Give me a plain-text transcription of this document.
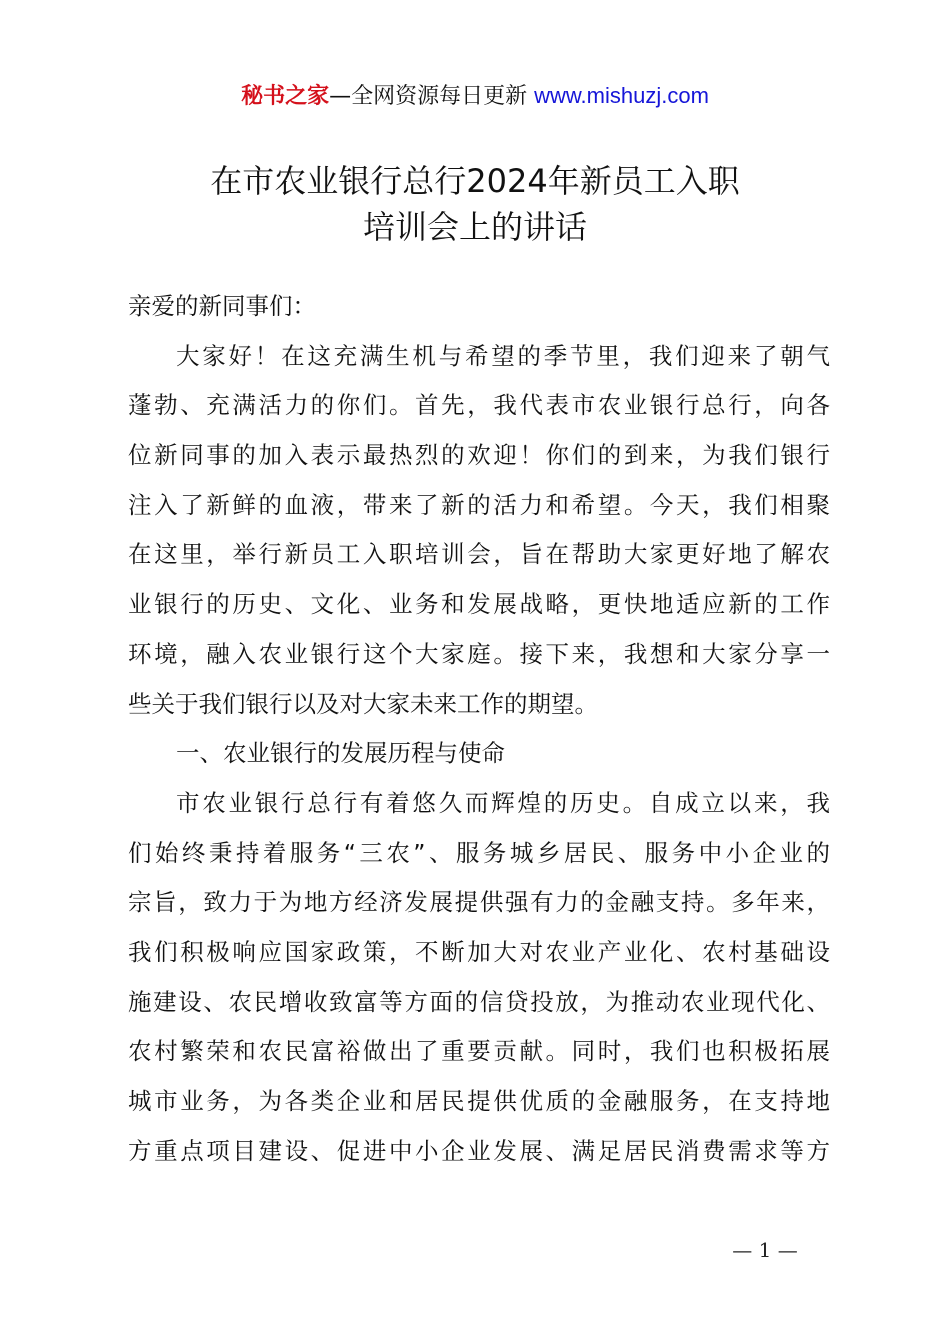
秘书之家—全网资源每日更新 www.mishuzj.com
在市农业银行总行2024年新员工入职
培训会上的讲话
亲爱的新同事们：
大家好！在这充满生机与希望的季节里，我们迎来了朝气
蓬勃、充满活力的你们。首先，我代表市农业银行总行，向各
位新同事的加入表示最热烈的欢迎！你们的到来，为我们银行
注入了新鲜的血液，带来了新的活力和希望。今天，我们相聚
在这里，举行新员工入职培训会，旨在帮助大家更好地了解农
业银行的历史、文化、业务和发展战略，更快地适应新的工作
环境，融入农业银行这个大家庭。接下来，我想和大家分享一
些关于我们银行以及对大家未来工作的期望。
一、农业银行的发展历程与使命
市农业银行总行有着悠久而辉煌的历史。自成立以来，我
们始终秉持着服务“三农”、服务城乡居民、服务中小企业的
宗旨，致力于为地方经济发展提供强有力的金融支持。多年来，
我们积极响应国家政策，不断加大对农业产业化、农村基础设
施建设、农民增收致富等方面的信贷投放，为推动农业现代化、
农村繁荣和农民富裕做出了重要贡献。同时，我们也积极拓展
城市业务，为各类企业和居民提供优质的金融服务，在支持地
方重点项目建设、促进中小企业发展、满足居民消费需求等方
— 1 —
